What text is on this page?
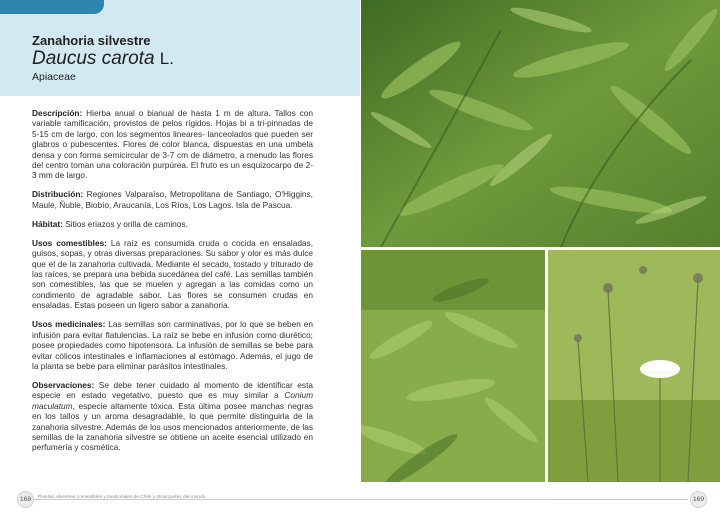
Zanahoria silvestre
Daucus carota L.
Apiaceae

Descripción: Hierba anual o bianual de hasta 1 m de altura. Tallos con variable ramificación, provistos de pelos rígidos. Hojas bi a tri-pinnadas de 5-15 cm de largo, con los segmentos lineares- lanceolados que pueden ser glabros o pubescentes. Flores de color blanca, dispuestas en una umbela densa y con forma semicircular de 3-7 cm de diámetro, a menudo las flores del centro toman una coloración purpúrea. El fruto es un esquizocarpo de 2-3 mm de largo.

Distribución: Regiones Valparaíso, Metropolitana de Santiago, O'Higgins, Maule, Ñuble, Biobío, Araucanía, Los Ríos, Los Lagos. Isla de Pascua.

Hábitat: Sitios eriazos y orilla de caminos.

Usos comestibles: La raíz es consumida cruda o cocida en ensaladas, guisos, sopas, y otras diversas preparaciones. Su sabor y olor es más dulce que el de la zanahoria cultivada. Mediante el secado, tostado y triturado de las raíces, se prepara una bebida sucedánea del café. Las semillas también son comestibles, las que se muelen y agregan a las comidas como un condimento de agradable sabor. Las flores se consumen crudas en ensaladas. Estas poseen un ligero sabor a zanahoria.

Usos medicinales: Las semillas son carminativas, por lo que se beben en infusión para evitar flatulencias. La raíz se bebe en infusión como diurético; posee propiedades como hipotensora. La infusión de semillas se bebe para evitar cólicos intestinales e inflamaciones al estómago. Además, el jugo de la planta se bebe para eliminar parásitos intestinales.

Observaciones: Se debe tener cuidado al momento de identificar esta especie en estado vegetativo, puesto que es muy similar a Conium maculatum, especie altamente tóxica. Esta última posee manchas negras en los tallos y un aroma desagradable, lo que permite distinguirla de la zanahoria silvestre. Además de los usos mencionados anteriormente, de las semillas de la zanahoria silvestre se obtiene un aceite esencial utilizado en perfumería y cosmética.

168	Plantas silvestres comestibles y medicinales de Chile y otras partes del mundo	169
